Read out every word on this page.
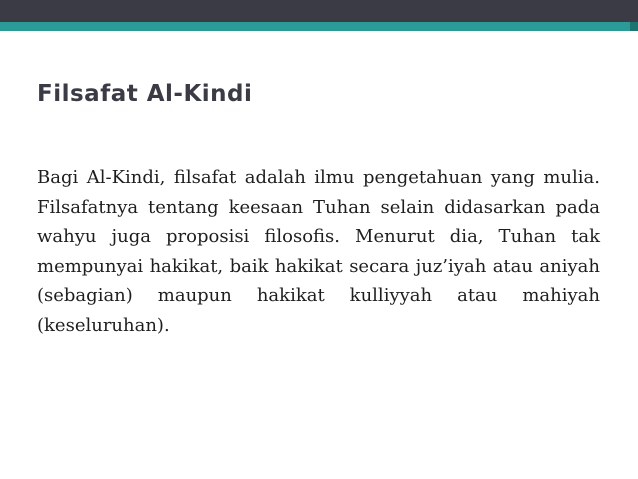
Filsafat Al-Kindi

Bagi Al-Kindi, filsafat adalah ilmu pengetahuan yang mulia. Filsafatnya tentang keesaan Tuhan selain didasarkan pada wahyu juga proposisi filosofis. Menurut dia, Tuhan tak mempunyai hakikat, baik hakikat secara juz’iyah atau aniyah (sebagian) maupun hakikat kulliyyah atau mahiyah (keseluruhan).
